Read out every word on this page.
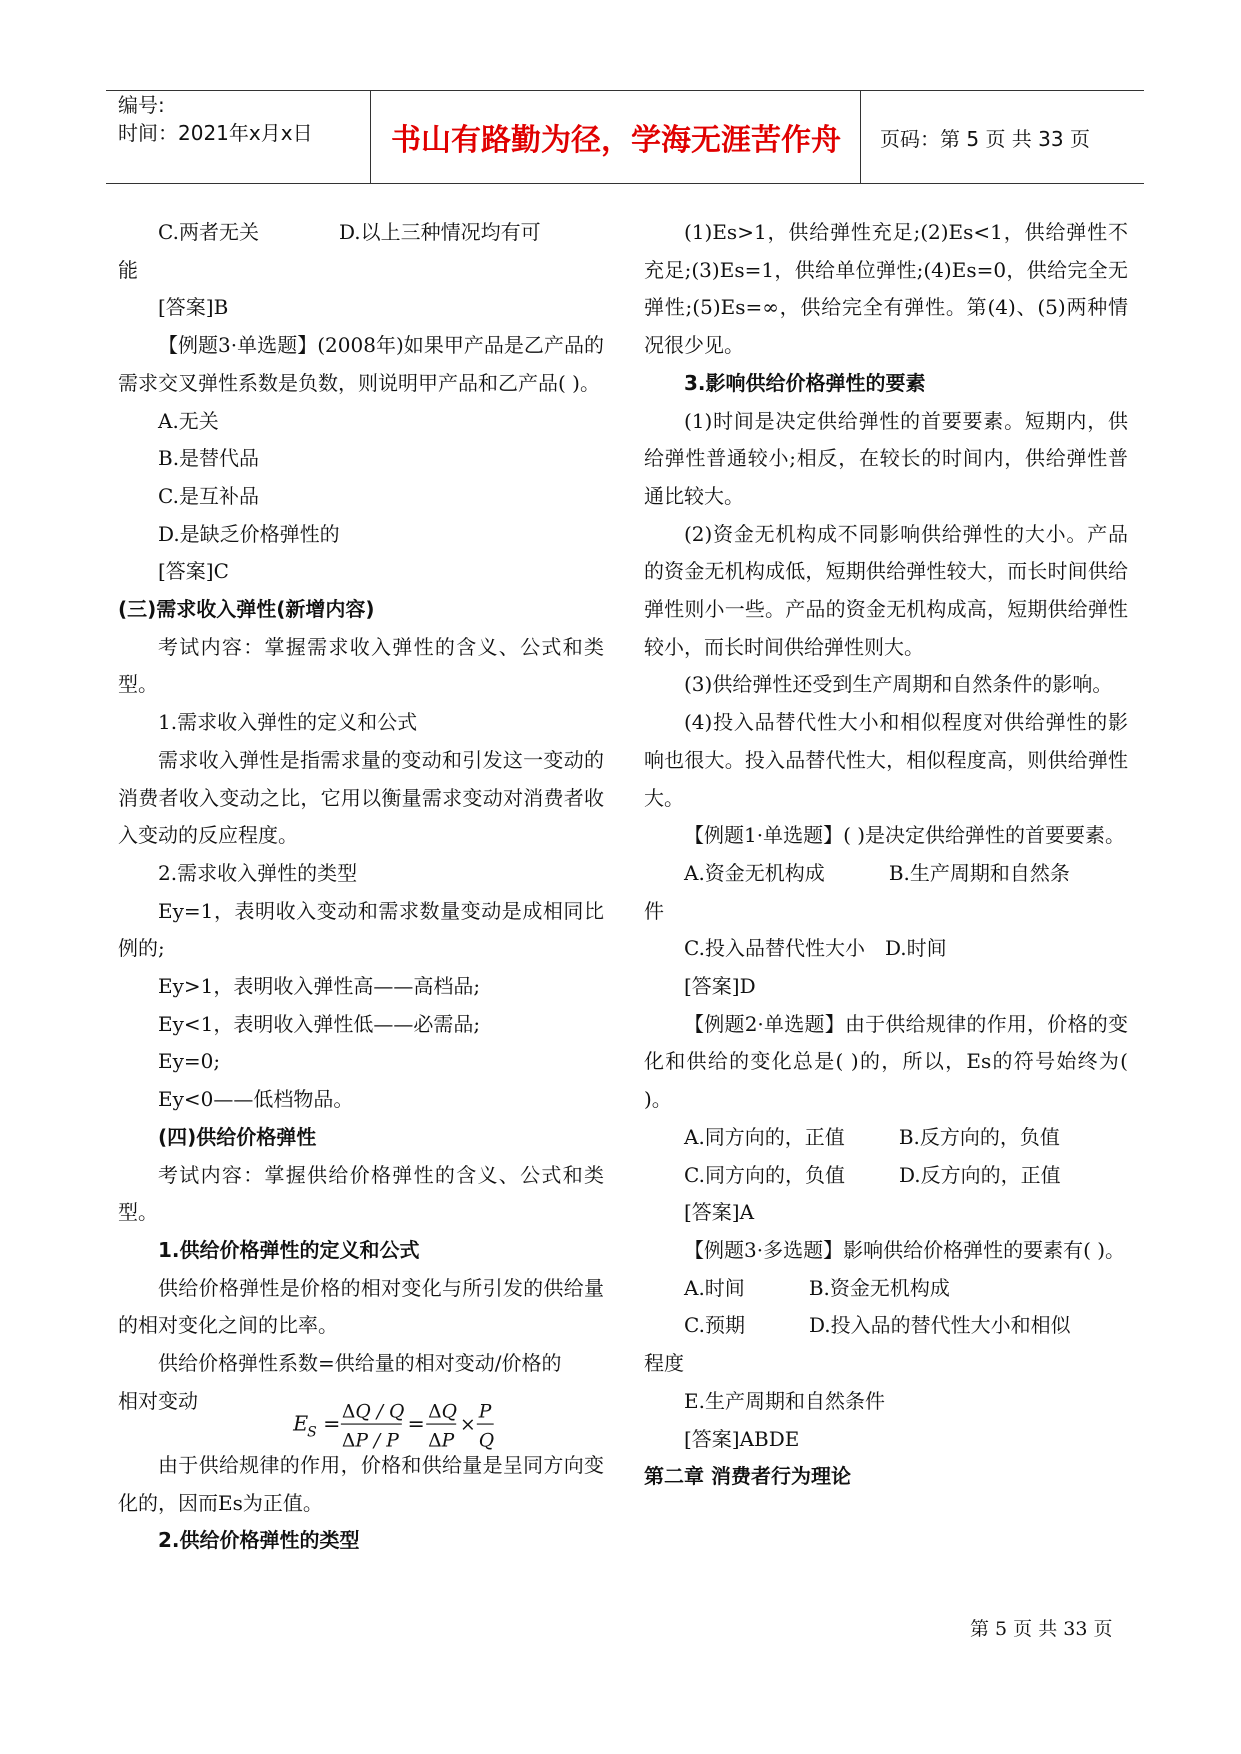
编号:
时间：2021年x月x日	书山有路勤为径，学海无涯苦作舟	页码：第 5 页 共 33 页

C.两者无关	D.以上三种情况均有可

能

[答案]B

【例题3·单选题】(2008年)如果甲产品是乙产品的需求交叉弹性系数是负数，则说明甲产品和乙产品( )。

A.无关

B.是替代品

C.是互补品

D.是缺乏价格弹性的

[答案]C

(三)需求收入弹性(新增内容)

考试内容：掌握需求收入弹性的含义、公式和类型。

1.需求收入弹性的定义和公式

需求收入弹性是指需求量的变动和引发这一变动的消费者收入变动之比，它用以衡量需求变动对消费者收入变动的反应程度。

2.需求收入弹性的类型

Ey=1，表明收入变动和需求数量变动是成相同比例的;

Ey>1，表明收入弹性高——高档品;

Ey<1，表明收入弹性低——必需品;

Ey=0;

Ey<0——低档物品。

(四)供给价格弹性

考试内容：掌握供给价格弹性的含义、公式和类型。

1.供给价格弹性的定义和公式

供给价格弹性是价格的相对变化与所引发的供给量的相对变化之间的比率。

供给价格弹性系数=供给量的相对变动/价格的

相对变动
E S = ΔQ / Q
ΔP / P
= ΔQ
ΔP
×
P
Q

由于供给规律的作用，价格和供给量是呈同方向变化的，因而Es为正值。

2.供给价格弹性的类型

(1)Es>1，供给弹性充足;(2)Es<1，供给弹性不充足;(3)Es=1，供给单位弹性;(4)Es=0，供给完全无弹性;(5)Es=∞，供给完全有弹性。第(4)、(5)两种情况很少见。

3.影响供给价格弹性的要素

(1)时间是决定供给弹性的首要要素。短期内，供给弹性普通较小;相反，在较长的时间内，供给弹性普通比较大。

(2)资金无机构成不同影响供给弹性的大小。产品的资金无机构成低，短期供给弹性较大，而长时间供给弹性则小一些。产品的资金无机构成高，短期供给弹性较小，而长时间供给弹性则大。

(3)供给弹性还受到生产周期和自然条件的影响。

(4)投入品替代性大小和相似程度对供给弹性的影响也很大。投入品替代性大，相似程度高，则供给弹性大。

【例题1·单选题】( )是决定供给弹性的首要要素。

A.资金无机构成	B.生产周期和自然条

件

C.投入品替代性大小 D.时间

[答案]D

【例题2·单选题】由于供给规律的作用，价格的变化和供给的变化总是( )的，所以，Es的符号始终为( )。

A.同方向的，正值	B.反方向的，负值

C.同方向的，负值	D.反方向的，正值

[答案]A

【例题3·多选题】影响供给价格弹性的要素有( )。

A.时间	B.资金无机构成

C.预期	D.投入品的替代性大小和相似

程度

E.生产周期和自然条件

[答案]ABDE

第二章 消费者行为理论

第 5 页 共 33 页
